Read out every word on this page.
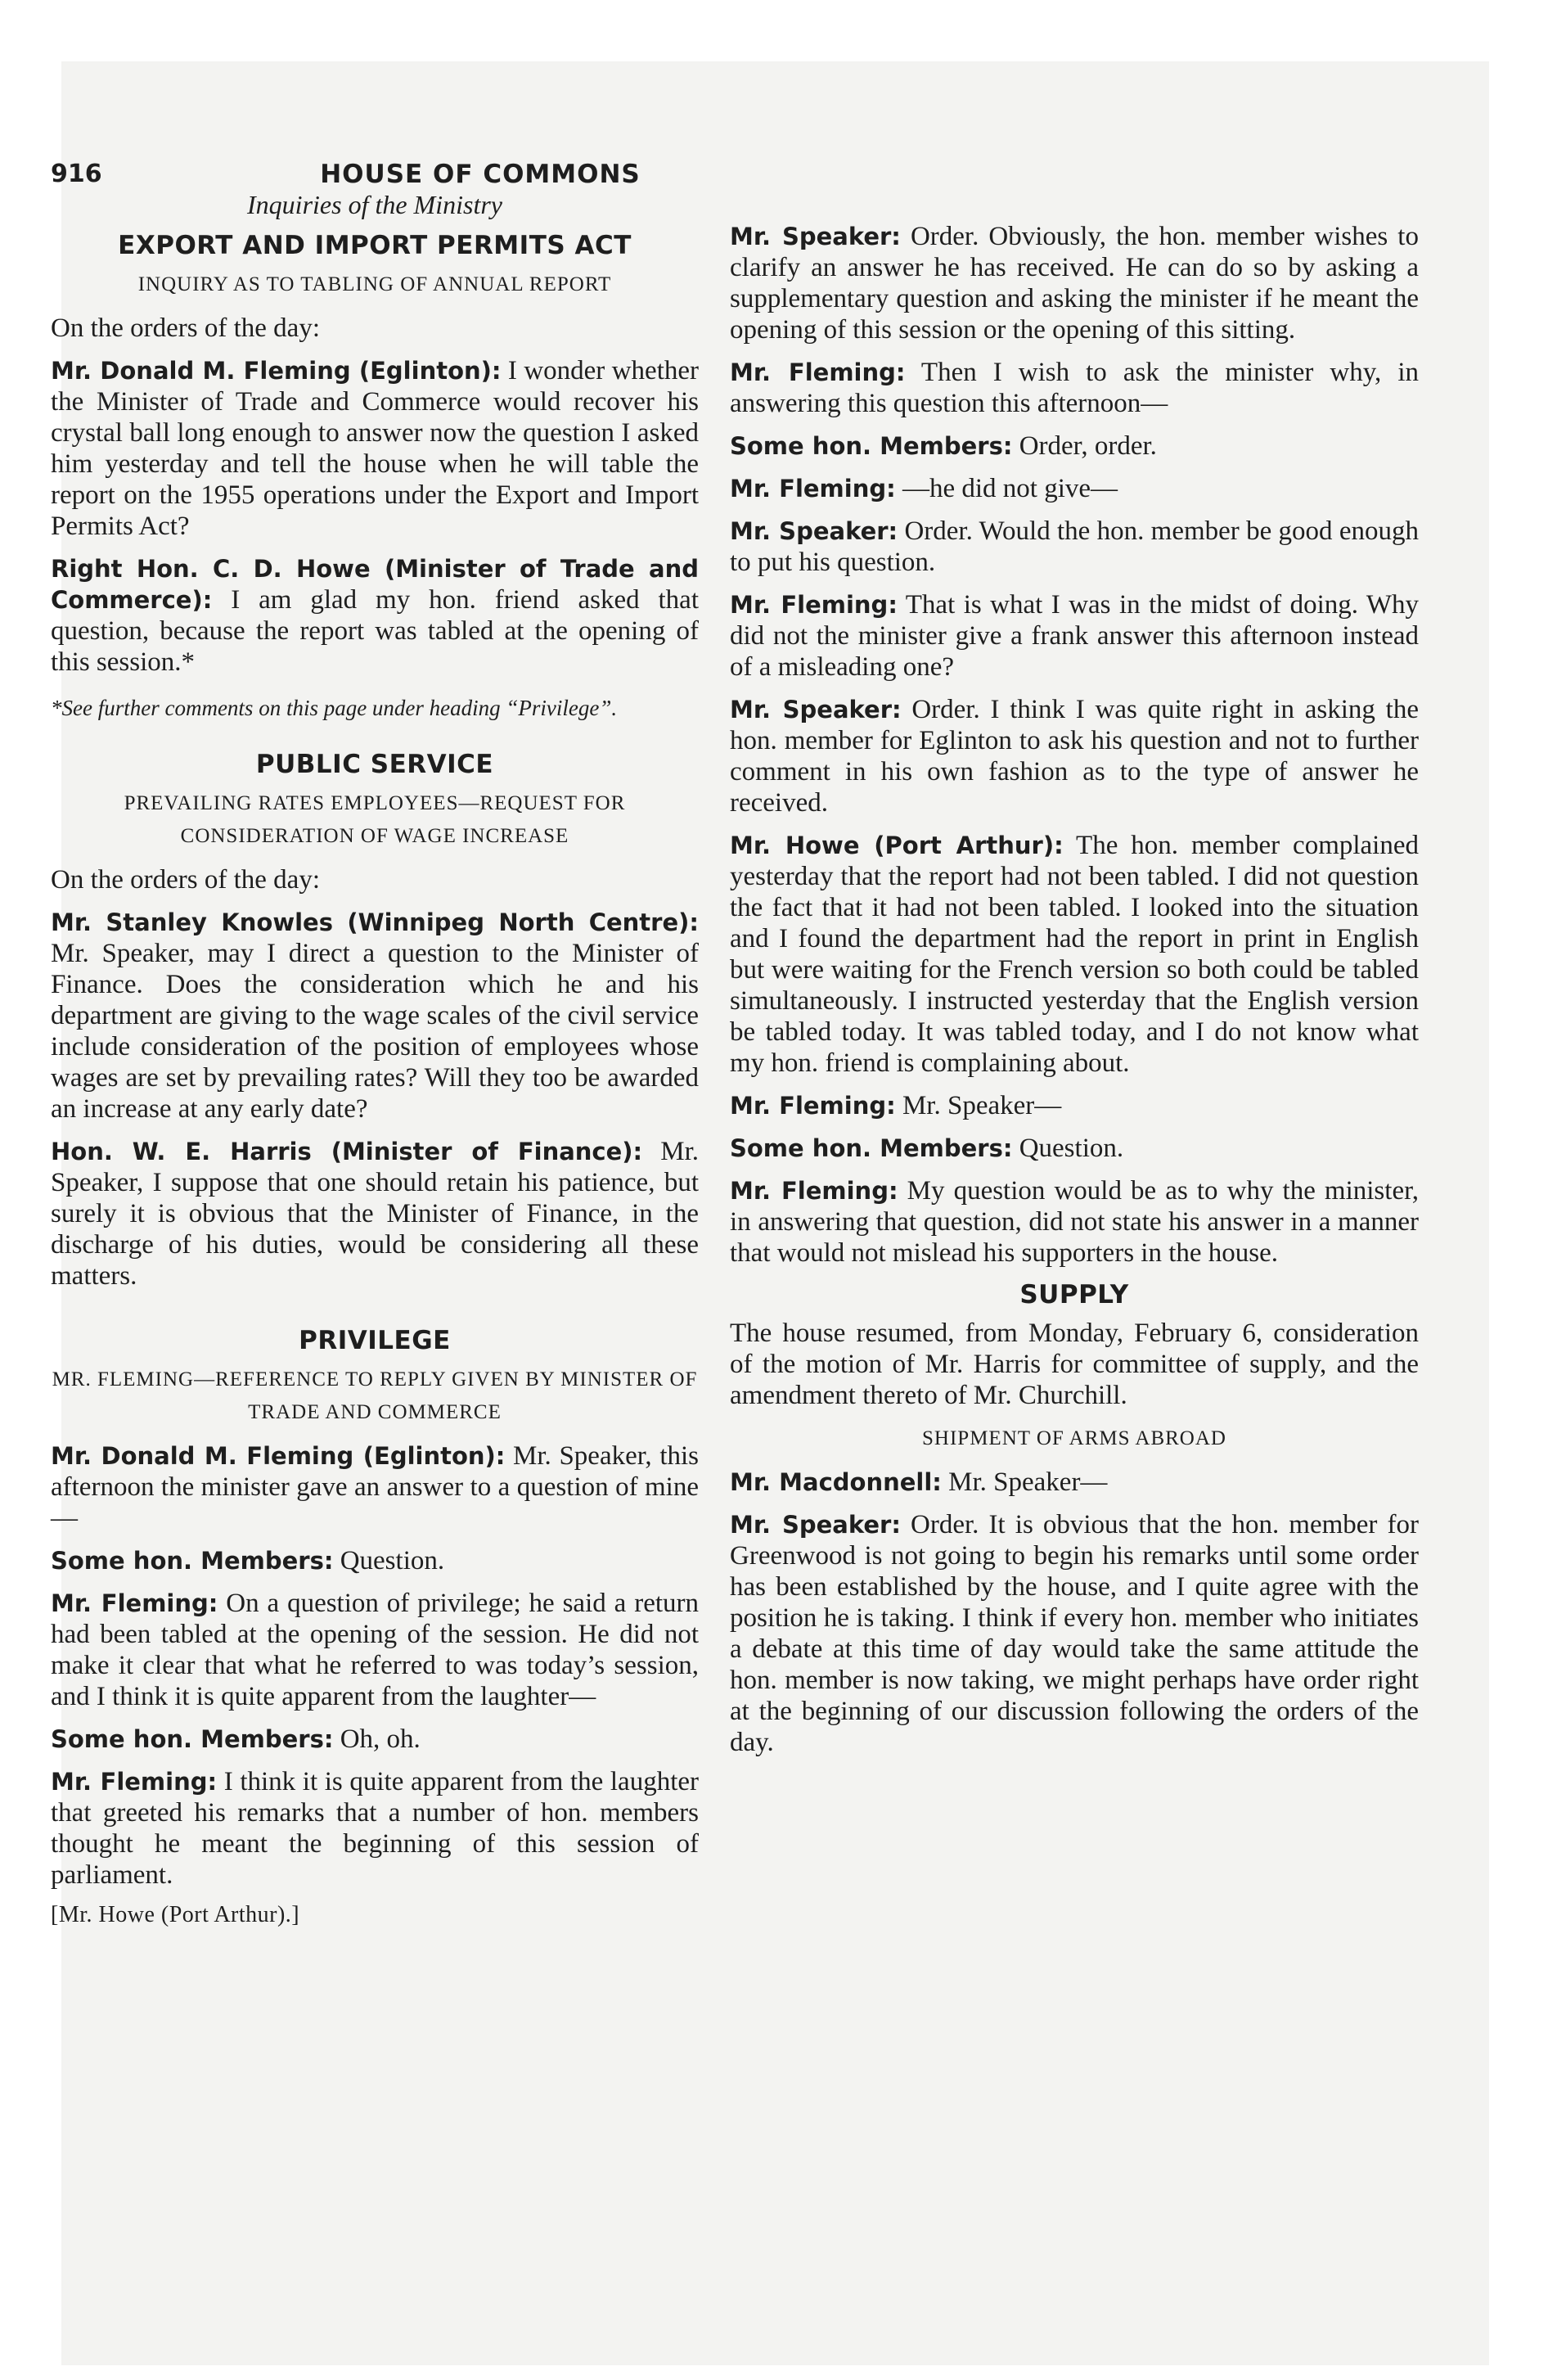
916	HOUSE OF COMMONS
Inquiries of the Ministry
EXPORT AND IMPORT PERMITS ACT
INQUIRY AS TO TABLING OF ANNUAL REPORT

On the orders of the day:

Mr. Donald M. Fleming (Eglinton): I wonder whether the Minister of Trade and Commerce would recover his crystal ball long enough to answer now the question I asked him yesterday and tell the house when he will table the report on the 1955 operations under the Export and Import Permits Act?

Right Hon. C. D. Howe (Minister of Trade and Commerce): I am glad my hon. friend asked that question, because the report was tabled at the opening of this session.*

*See further comments on this page under heading “Privilege”.
PUBLIC SERVICE
PREVAILING RATES EMPLOYEES—REQUEST FOR CONSIDERATION OF WAGE INCREASE

On the orders of the day:

Mr. Stanley Knowles (Winnipeg North Centre): Mr. Speaker, may I direct a question to the Minister of Finance. Does the consideration which he and his department are giving to the wage scales of the civil service include consideration of the position of employees whose wages are set by prevailing rates? Will they too be awarded an increase at any early date?

Hon. W. E. Harris (Minister of Finance): Mr. Speaker, I suppose that one should retain his patience, but surely it is obvious that the Minister of Finance, in the discharge of his duties, would be considering all these matters.

PRIVILEGE
MR. FLEMING—REFERENCE TO REPLY GIVEN BY MINISTER OF TRADE AND COMMERCE

Mr. Donald M. Fleming (Eglinton): Mr. Speaker, this afternoon the minister gave an answer to a question of mine—

Some hon. Members: Question.

Mr. Fleming: On a question of privilege; he said a return had been tabled at the opening of the session. He did not make it clear that what he referred to was today’s session, and I think it is quite apparent from the laughter—

Some hon. Members: Oh, oh.

Mr. Fleming: I think it is quite apparent from the laughter that greeted his remarks that a number of hon. members thought he meant the beginning of this session of parliament.

[Mr. Howe (Port Arthur).]

Mr. Speaker: Order. Obviously, the hon. member wishes to clarify an answer he has received. He can do so by asking a supplementary question and asking the minister if he meant the opening of this session or the opening of this sitting.

Mr. Fleming: Then I wish to ask the minister why, in answering this question this afternoon—

Some hon. Members: Order, order.

Mr. Fleming: —he did not give—

Mr. Speaker: Order. Would the hon. member be good enough to put his question.

Mr. Fleming: That is what I was in the midst of doing. Why did not the minister give a frank answer this afternoon instead of a misleading one?

Mr. Speaker: Order. I think I was quite right in asking the hon. member for Eglinton to ask his question and not to further comment in his own fashion as to the type of answer he received.

Mr. Howe (Port Arthur): The hon. member complained yesterday that the report had not been tabled. I did not question the fact that it had not been tabled. I looked into the situation and I found the department had the report in print in English but were waiting for the French version so both could be tabled simultaneously. I instructed yesterday that the English version be tabled today. It was tabled today, and I do not know what my hon. friend is complaining about.

Mr. Fleming: Mr. Speaker—

Some hon. Members: Question.

Mr. Fleming: My question would be as to why the minister, in answering that question, did not state his answer in a manner that would not mislead his supporters in the house.

SUPPLY

The house resumed, from Monday, February 6, consideration of the motion of Mr. Harris for committee of supply, and the amendment thereto of Mr. Churchill.

SHIPMENT OF ARMS ABROAD

Mr. Macdonnell: Mr. Speaker—

Mr. Speaker: Order. It is obvious that the hon. member for Greenwood is not going to begin his remarks until some order has been established by the house, and I quite agree with the position he is taking. I think if every hon. member who initiates a debate at this time of day would take the same attitude the hon. member is now taking, we might perhaps have order right at the beginning of our discussion following the orders of the day.
